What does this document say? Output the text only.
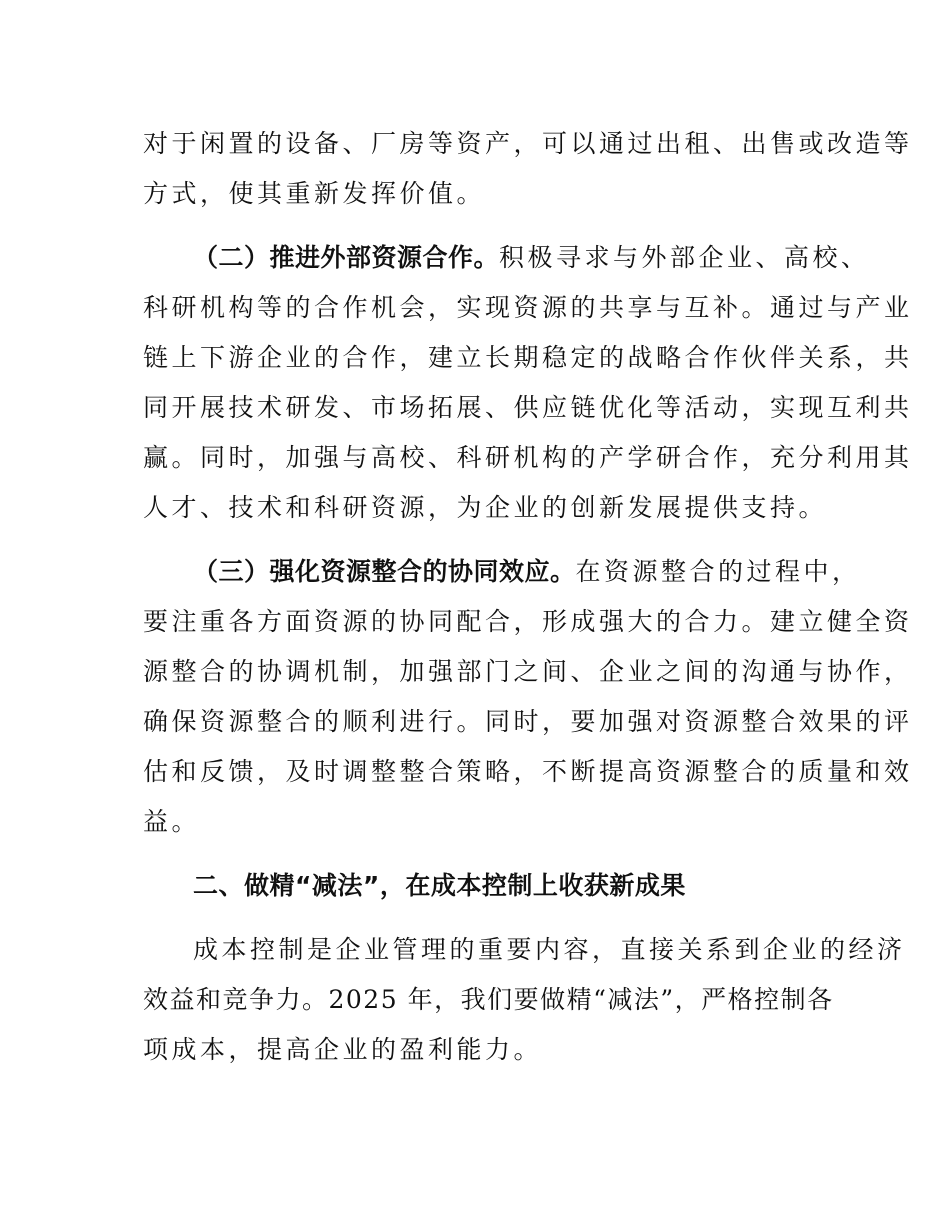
对于闲置的设备、厂房等资产，可以通过出租、出售或改造等
方式，使其重新发挥价值。
（二）推进外部资源合作。积极寻求与外部企业、高校、
科研机构等的合作机会，实现资源的共享与互补。通过与产业
链上下游企业的合作，建立长期稳定的战略合作伙伴关系，共
同开展技术研发、市场拓展、供应链优化等活动，实现互利共
赢。同时，加强与高校、科研机构的产学研合作，充分利用其
人才、技术和科研资源，为企业的创新发展提供支持。
（三）强化资源整合的协同效应。在资源整合的过程中，
要注重各方面资源的协同配合，形成强大的合力。建立健全资
源整合的协调机制，加强部门之间、企业之间的沟通与协作，
确保资源整合的顺利进行。同时，要加强对资源整合效果的评
估和反馈，及时调整整合策略，不断提高资源整合的质量和效
益。
二、做精“减法”，在成本控制上收获新成果
成本控制是企业管理的重要内容，直接关系到企业的经济
效益和竞争力。2025 年，我们要做精“减法”，严格控制各
项成本，提高企业的盈利能力。
